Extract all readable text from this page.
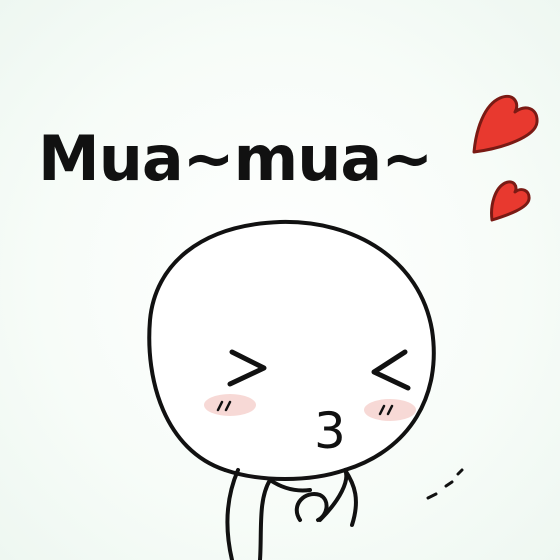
Mua~mua~
3
